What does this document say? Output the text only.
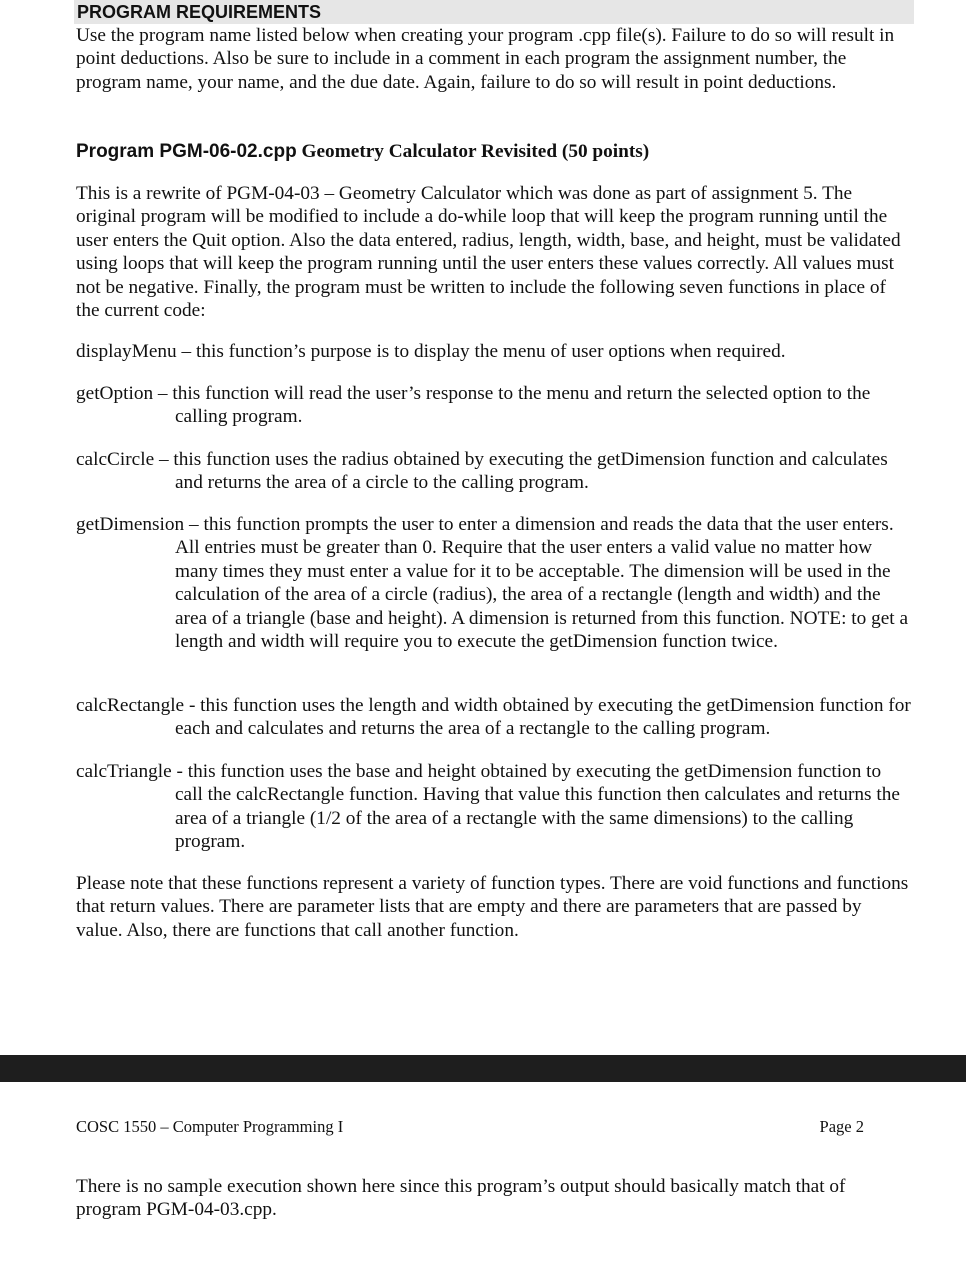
PROGRAM REQUIREMENTS
Use the program name listed below when creating your program .cpp file(s). Failure to do so will result in point deductions. Also be sure to include in a comment in each program the assignment number, the program name, your name, and the due date. Again, failure to do so will result in point deductions.
Program PGM-06-02.cpp Geometry Calculator Revisited (50 points)
This is a rewrite of PGM-04-03 – Geometry Calculator which was done as part of assignment 5. The original program will be modified to include a do-while loop that will keep the program running until the user enters the Quit option. Also the data entered, radius, length, width, base, and height, must be validated using loops that will keep the program running until the user enters these values correctly. All values must not be negative. Finally, the program must be written to include the following seven functions in place of the current code:
displayMenu – this function’s purpose is to display the menu of user options when required.
getOption – this function will read the user’s response to the menu and return the selected option to the calling program.
calcCircle – this function uses the radius obtained by executing the getDimension function and calculates and returns the area of a circle to the calling program.
getDimension – this function prompts the user to enter a dimension and reads the data that the user enters. All entries must be greater than 0. Require that the user enters a valid value no matter how many times they must enter a value for it to be acceptable. The dimension will be used in the calculation of the area of a circle (radius), the area of a rectangle (length and width) and the area of a triangle (base and height). A dimension is returned from this function. NOTE: to get a length and width will require you to execute the getDimension function twice.
calcRectangle - this function uses the length and width obtained by executing the getDimension function for each and calculates and returns the area of a rectangle to the calling program.
calcTriangle - this function uses the base and height obtained by executing the getDimension function to call the calcRectangle function. Having that value this function then calculates and returns the area of a triangle (1/2 of the area of a rectangle with the same dimensions) to the calling program.
Please note that these functions represent a variety of function types. There are void functions and functions that return values. There are parameter lists that are empty and there are parameters that are passed by value. Also, there are functions that call another function.
COSC 1550 – Computer Programming I	Page 2
There is no sample execution shown here since this program’s output should basically match that of program PGM-04-03.cpp.
